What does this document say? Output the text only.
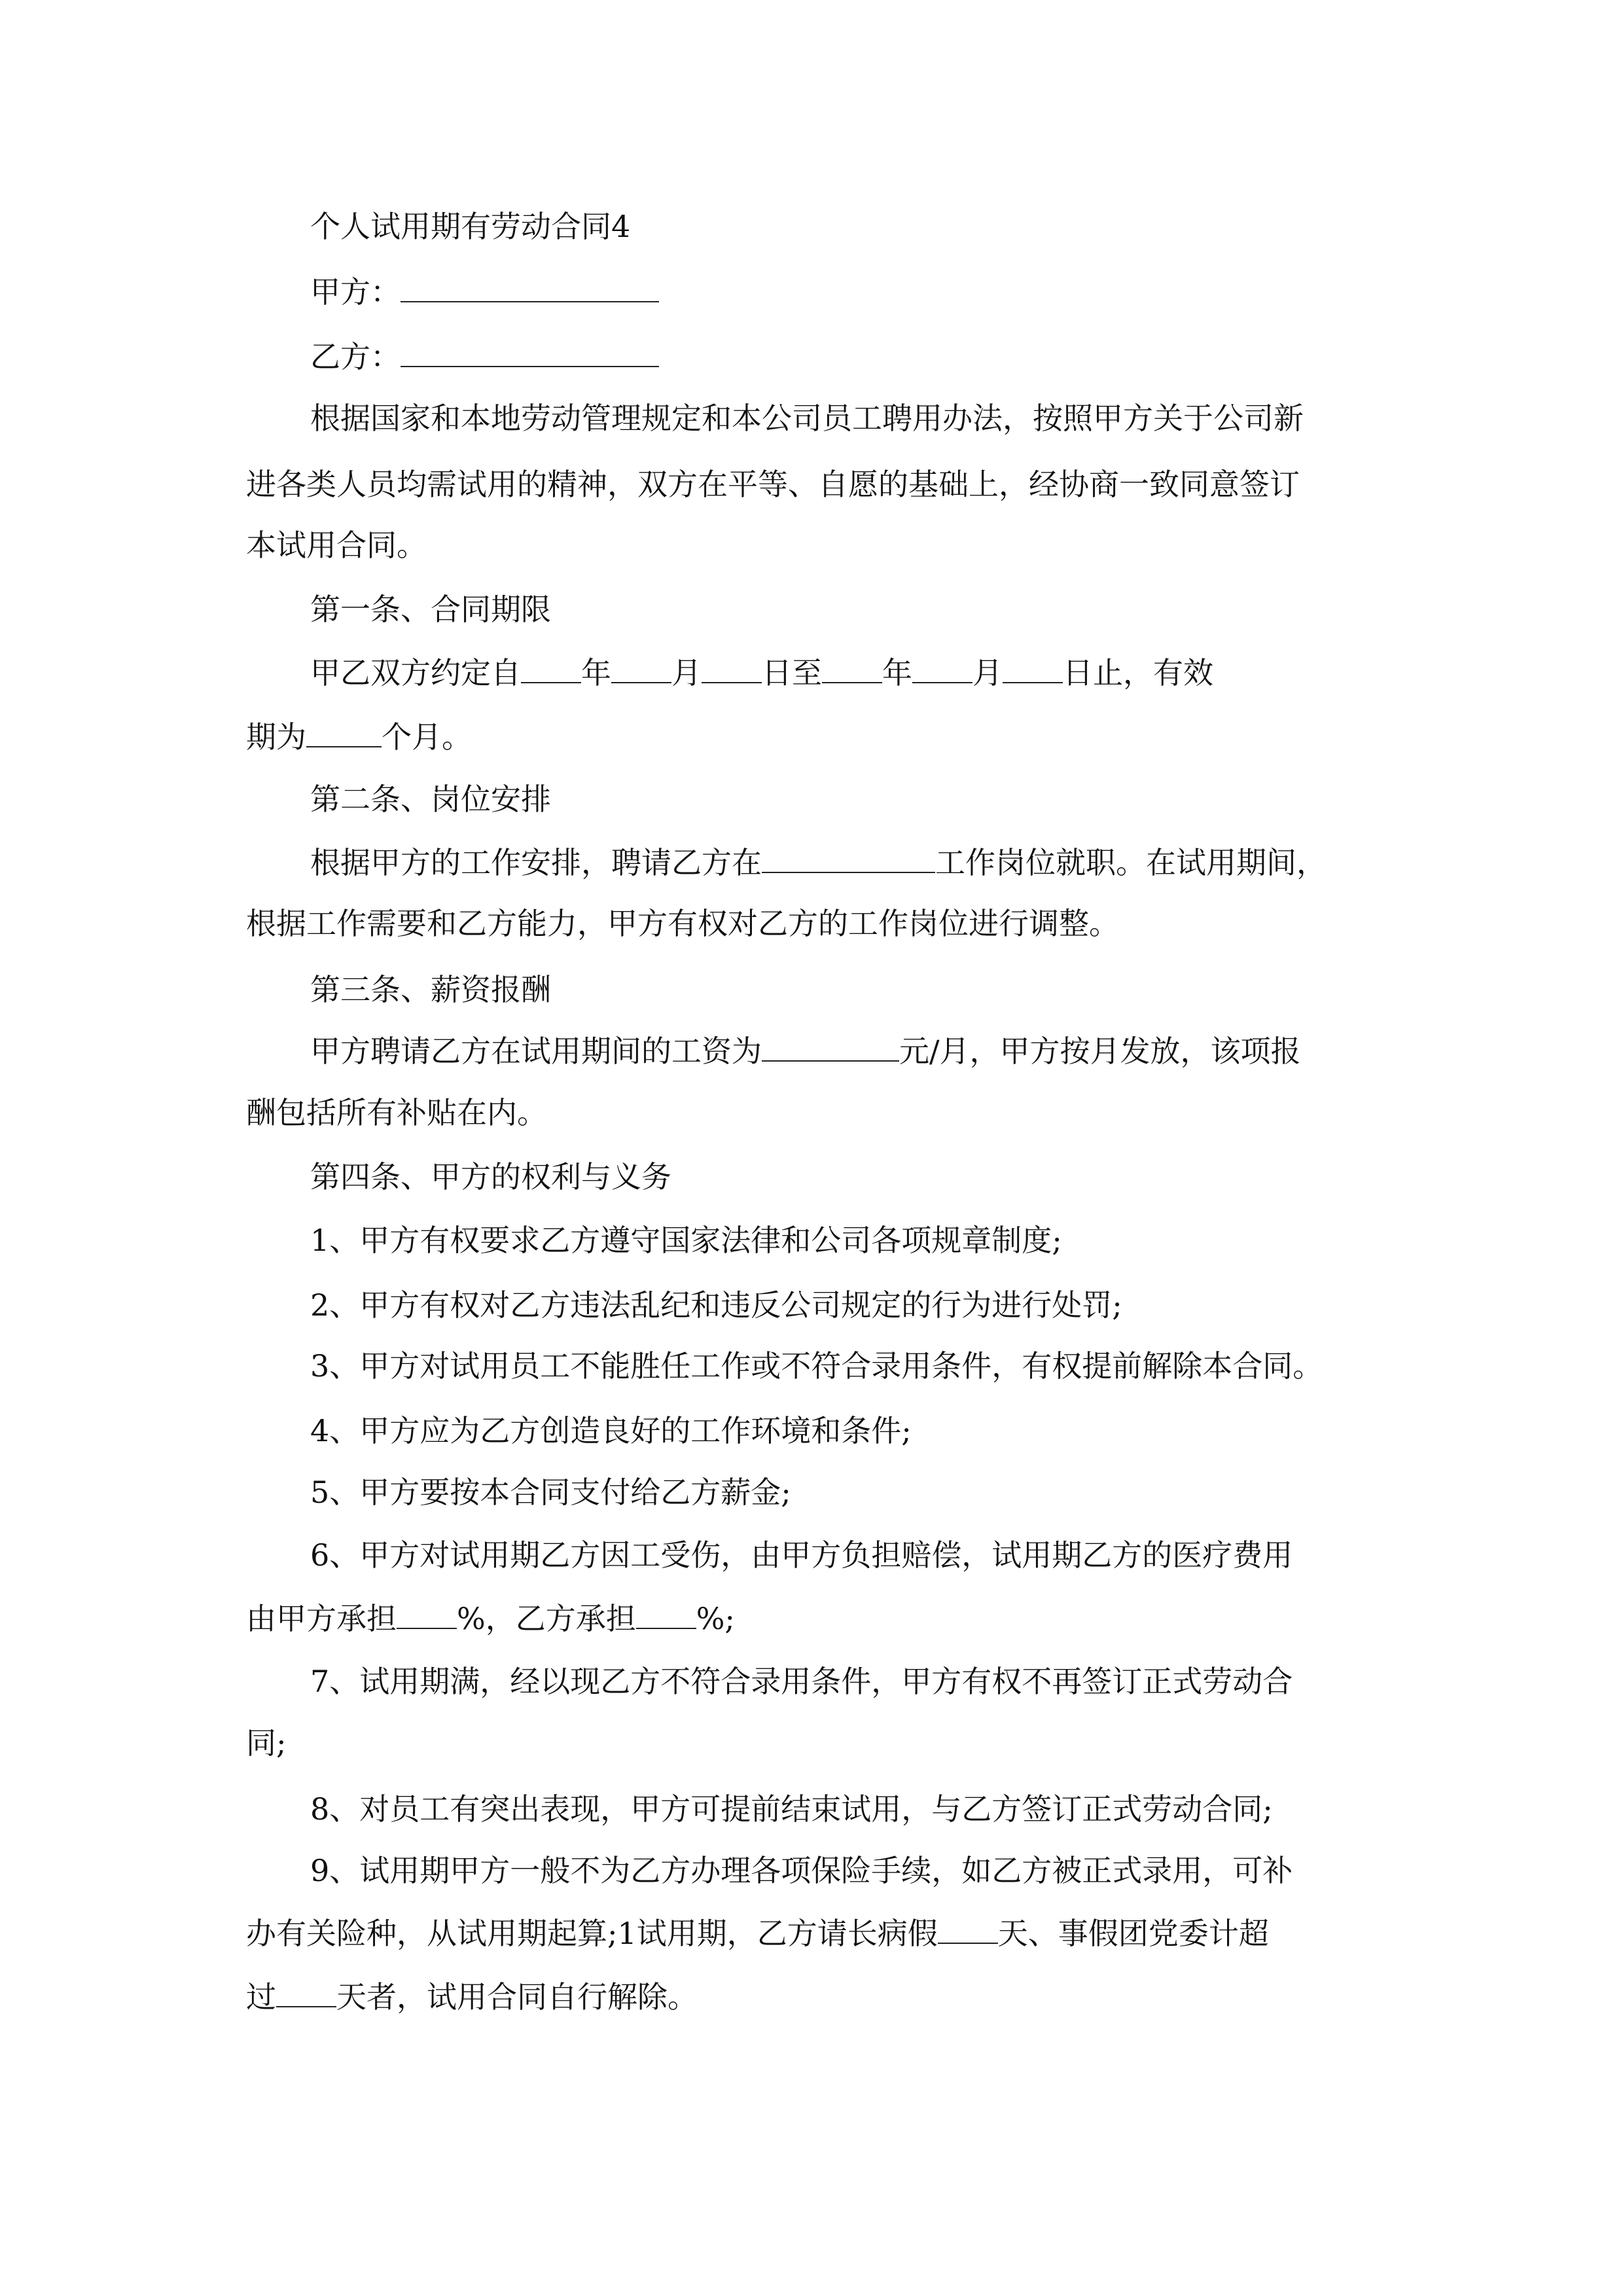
个人试用期有劳动合同4
甲方：
乙方：
根据国家和本地劳动管理规定和本公司员工聘用办法，按照甲方关于公司新
进各类人员均需试用的精神，双方在平等、自愿的基础上，经协商一致同意签订
本试用合同。
第一条、合同期限
甲乙双方约定自 年 月 日至 年 月 日止，有效
期为	个月。
第二条、岗位安排
根据甲方的工作安排，聘请乙方在	工作岗位就职。在试用期间，
根据工作需要和乙方能力，甲方有权对乙方的工作岗位进行调整。
第三条、薪资报酬
甲方聘请乙方在试用期间的工资为	元/月，甲方按月发放，该项报
酬包括所有补贴在内。
第四条、甲方的权利与义务
1、甲方有权要求乙方遵守国家法律和公司各项规章制度;
2、甲方有权对乙方违法乱纪和违反公司规定的行为进行处罚;
3、甲方对试用员工不能胜任工作或不符合录用条件，有权提前解除本合同。
4、甲方应为乙方创造良好的工作环境和条件;
5、甲方要按本合同支付给乙方薪金;
6、甲方对试用期乙方因工受伤，由甲方负担赔偿，试用期乙方的医疗费用
由甲方承担 %，乙方承担 %;
7、试用期满，经以现乙方不符合录用条件，甲方有权不再签订正式劳动合
同;
8、对员工有突出表现，甲方可提前结束试用，与乙方签订正式劳动合同;
9、试用期甲方一般不为乙方办理各项保险手续，如乙方被正式录用，可补
办有关险种，从试用期起算;1试用期，乙方请长病假 天、事假团党委计超
过 天者，试用合同自行解除。
